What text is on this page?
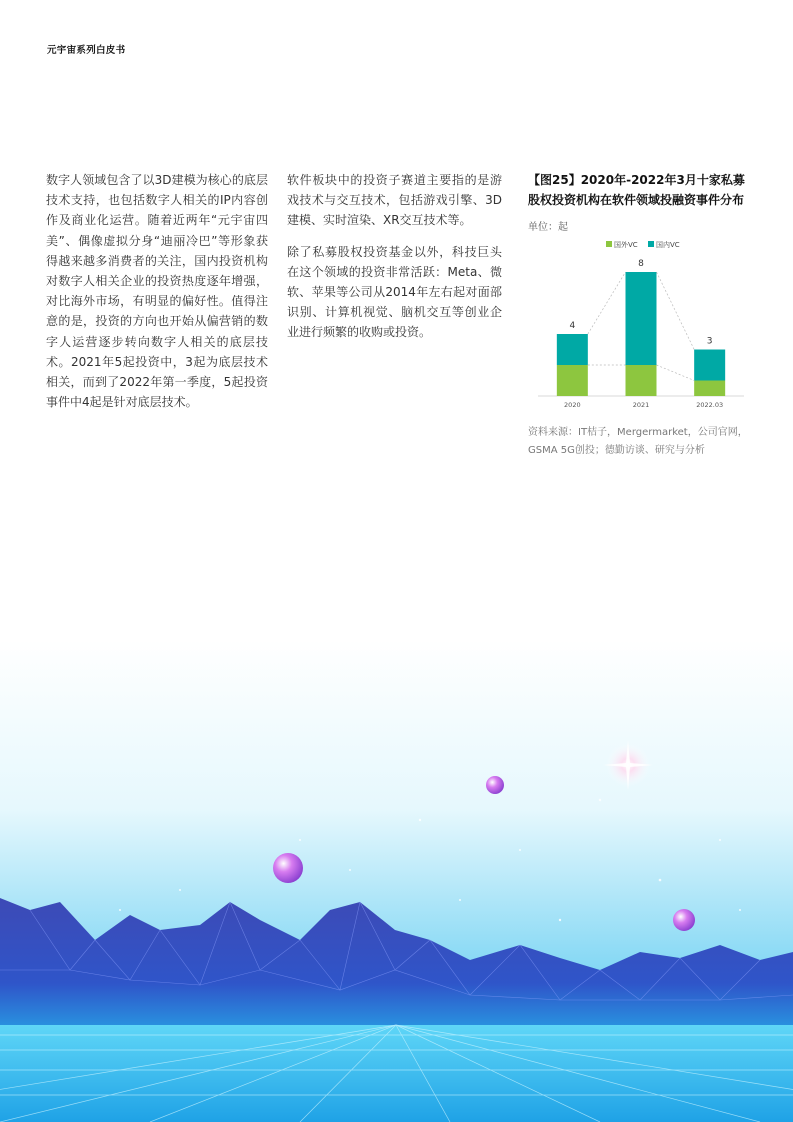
元宇宙系列白皮书

数字人领域包含了以3D建模为核心的底层技术支持，也包括数字人相关的IP内容创作及商业化运营。随着近两年“元宇宙四美”、偶像虚拟分身“迪丽冷巴”等形象获得越来越多消费者的关注，国内投资机构对数字人相关企业的投资热度逐年增强，对比海外市场，有明显的偏好性。值得注意的是，投资的方向也开始从偏营销的数字人运营逐步转向数字人相关的底层技术。2021年5起投资中，3起为底层技术相关，而到了2022年第一季度，5起投资事件中4起是针对底层技术。

软件板块中的投资子赛道主要指的是游戏技术与交互技术，包括游戏引擎、3D建模、实时渲染、XR交互技术等。

除了私募股权投资基金以外，科技巨头在这个领域的投资非常活跃：Meta、微软、苹果等公司从2014年左右起对面部识别、计算机视觉、脑机交互等创业企业进行频繁的收购或投资。

【图25】2020年-2022年3月十家私募股权投资机构在软件领域投融资事件分布
单位：起
国外VC	国内VC
4
2020
8
2021
3
2022.03
资料来源：IT桔子，Mergermarket，公司官网，GSMA 5G创投；德勤访谈、研究与分析
